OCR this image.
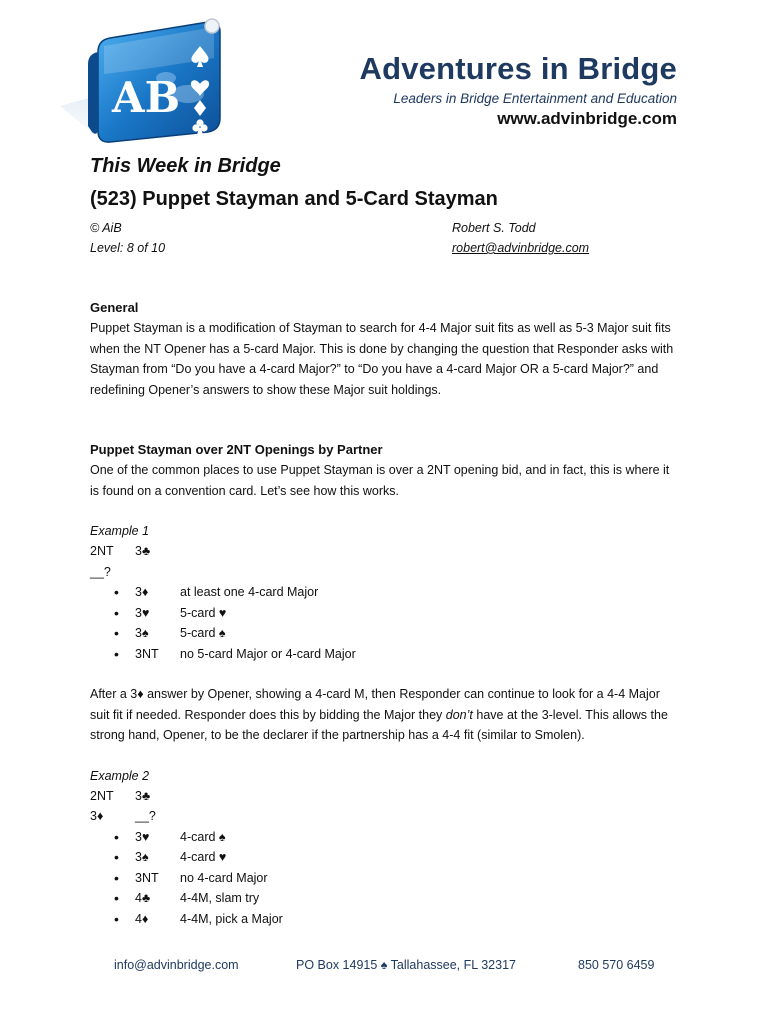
AB
Adventures in Bridge
Leaders in Bridge Entertainment and Education
www.advinbridge.com
This Week in Bridge
(523) Puppet Stayman and 5-Card Stayman
© AiB	Robert S. Todd
Level: 8 of 10	robert@advinbridge.com
General
Puppet Stayman is a modification of Stayman to search for 4-4 Major suit fits as well as 5-3 Major suit fits when the NT Opener has a 5-card Major. This is done by changing the question that Responder asks with Stayman from “Do you have a 4-card Major?” to “Do you have a 4-card Major OR a 5-card Major?” and redefining Opener’s answers to show these Major suit holdings.
Puppet Stayman over 2NT Openings by Partner
One of the common places to use Puppet Stayman is over a 2NT opening bid, and in fact, this is where it is found on a convention card. Let’s see how this works.
Example 1
2NT 3♣
__?
• 3♦	at least one 4-card Major
• 3♥ 5-card ♥
• 3♠	5-card ♠
• 3NT no 5-card Major or 4-card Major
After a 3♦ answer by Opener, showing a 4-card M, then Responder can continue to look for a 4-4 Major suit fit if needed. Responder does this by bidding the Major they don’t have at the 3-level. This allows the strong hand, Opener, to be the declarer if the partnership has a 4-4 fit (similar to Smolen).
Example 2
2NT 3♣
3♦	__?
• 3♥ 4-card ♠
• 3♠	4-card ♥
• 3NT no 4-card Major
• 4♣ 4-4M, slam try
• 4♦	4-4M, pick a Major
info@advinbridge.com	PO Box 14915 ♠ Tallahassee, FL 32317	850 570 6459
